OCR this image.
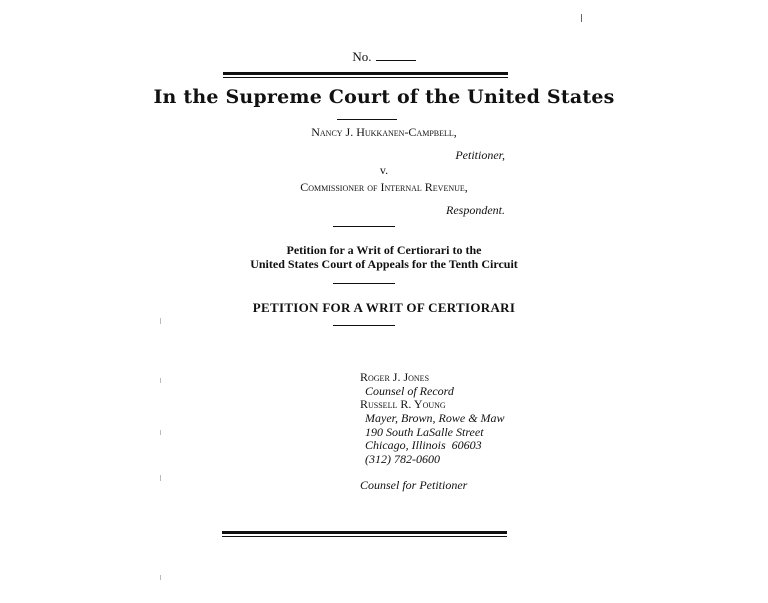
No.
In the Supreme Court of the United States
Nancy J. Hukkanen-Campbell,
Petitioner,
v.
Commissioner of Internal Revenue,
Respondent.
Petition for a Writ of Certiorari to the
United States Court of Appeals for the Tenth Circuit
PETITION FOR A WRIT OF CERTIORARI
Roger J. Jones
Counsel of Record
Russell R. Young
Mayer, Brown, Rowe & Maw
190 South LaSalle Street
Chicago, Illinois  60603
(312) 782-0600
Counsel for Petitioner
